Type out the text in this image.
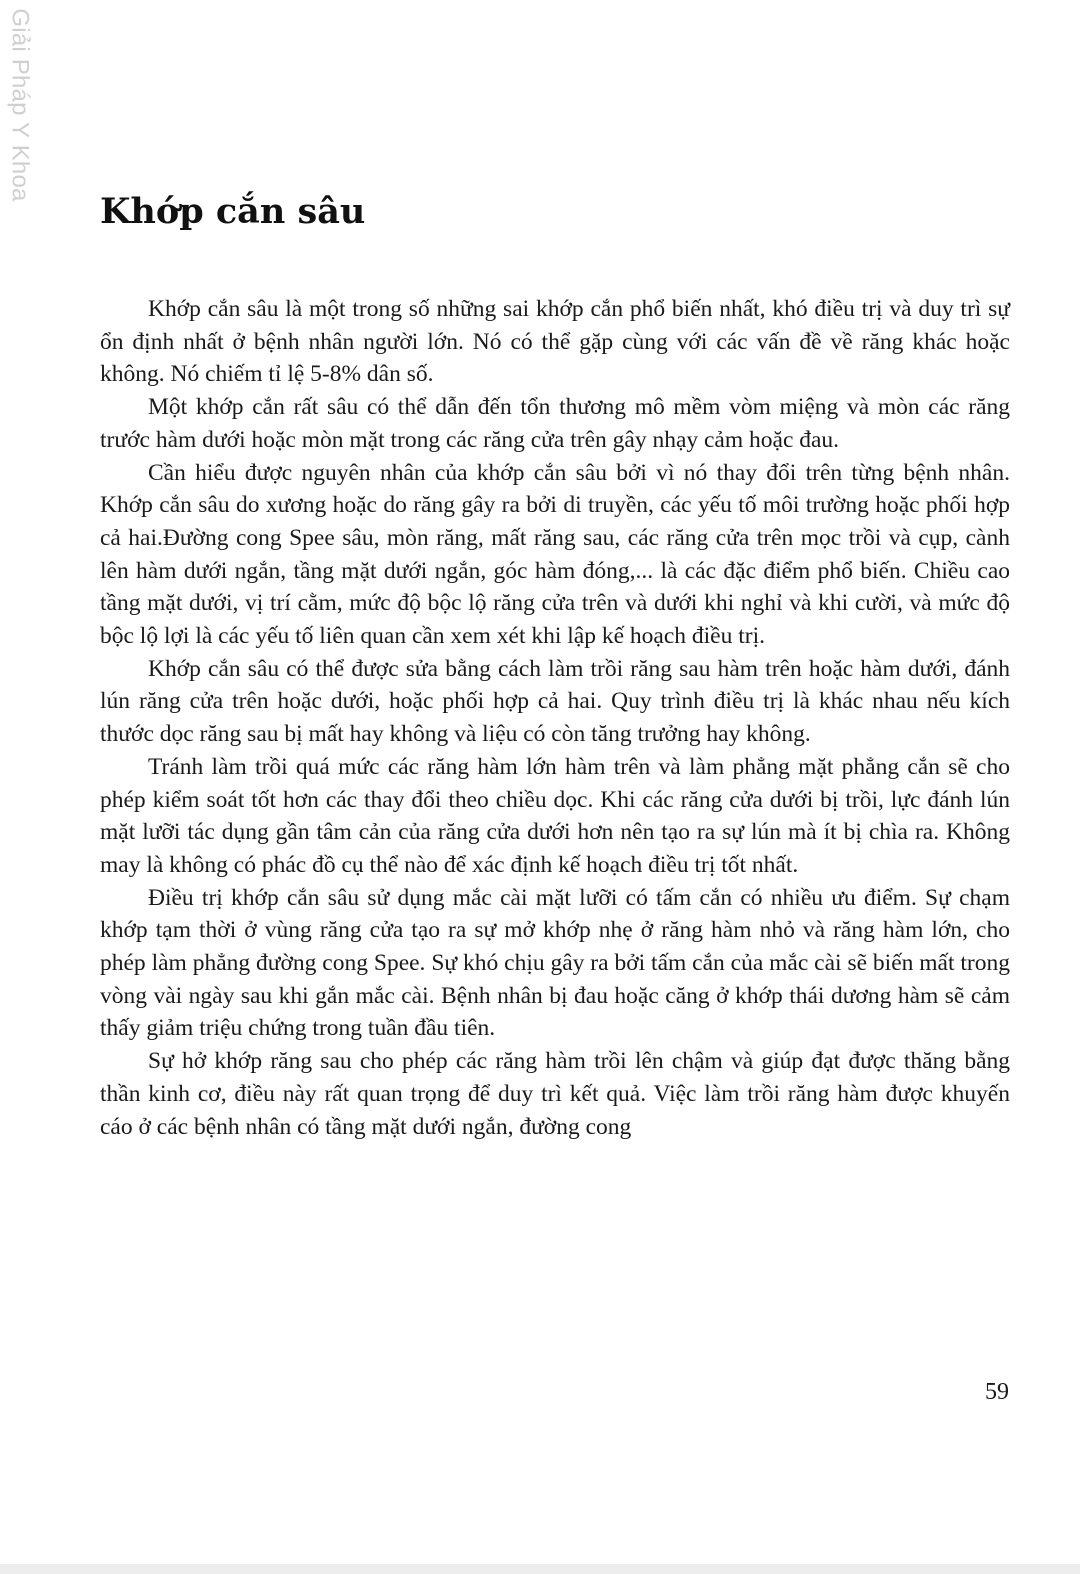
Giải Pháp Y Khoa
Khớp cắn sâu

Khớp cắn sâu là một trong số những sai khớp cắn phổ biến nhất, khó điều trị và duy trì sự ổn định nhất ở bệnh nhân người lớn. Nó có thể gặp cùng với các vấn đề về răng khác hoặc không. Nó chiếm tỉ lệ 5-8% dân số.

Một khớp cắn rất sâu có thể dẫn đến tổn thương mô mềm vòm miệng và mòn các răng trước hàm dưới hoặc mòn mặt trong các răng cửa trên gây nhạy cảm hoặc đau.

Cần hiểu được nguyên nhân của khớp cắn sâu bởi vì nó thay đổi trên từng bệnh nhân. Khớp cắn sâu do xương hoặc do răng gây ra bởi di truyền, các yếu tố môi trường hoặc phối hợp cả hai.Đường cong Spee sâu, mòn răng, mất răng sau, các răng cửa trên mọc trồi và cụp, cành lên hàm dưới ngắn, tầng mặt dưới ngắn, góc hàm đóng,... là các đặc điểm phổ biến. Chiều cao tầng mặt dưới, vị trí cằm, mức độ bộc lộ răng cửa trên và dưới khi nghỉ và khi cười, và mức độ bộc lộ lợi là các yếu tố liên quan cần xem xét khi lập kế hoạch điều trị.

Khớp cắn sâu có thể được sửa bằng cách làm trồi răng sau hàm trên hoặc hàm dưới, đánh lún răng cửa trên hoặc dưới, hoặc phối hợp cả hai. Quy trình điều trị là khác nhau nếu kích thước dọc răng sau bị mất hay không và liệu có còn tăng trưởng hay không.

Tránh làm trồi quá mức các răng hàm lớn hàm trên và làm phẳng mặt phẳng cắn sẽ cho phép kiểm soát tốt hơn các thay đổi theo chiều dọc. Khi các răng cửa dưới bị trồi, lực đánh lún mặt lưỡi tác dụng gần tâm cản của răng cửa dưới hơn nên tạo ra sự lún mà ít bị chìa ra. Không may là không có phác đồ cụ thể nào để xác định kế hoạch điều trị tốt nhất.

Điều trị khớp cắn sâu sử dụng mắc cài mặt lưỡi có tấm cắn có nhiều ưu điểm. Sự chạm khớp tạm thời ở vùng răng cửa tạo ra sự mở khớp nhẹ ở răng hàm nhỏ và răng hàm lớn, cho phép làm phẳng đường cong Spee. Sự khó chịu gây ra bởi tấm cắn của mắc cài sẽ biến mất trong vòng vài ngày sau khi gắn mắc cài. Bệnh nhân bị đau hoặc căng ở khớp thái dương hàm sẽ cảm thấy giảm triệu chứng trong tuần đầu tiên.

Sự hở khớp răng sau cho phép các răng hàm trồi lên chậm và giúp đạt được thăng bằng thần kinh cơ, điều này rất quan trọng để duy trì kết quả. Việc làm trồi răng hàm được khuyến cáo ở các bệnh nhân có tầng mặt dưới ngắn, đường cong

59
